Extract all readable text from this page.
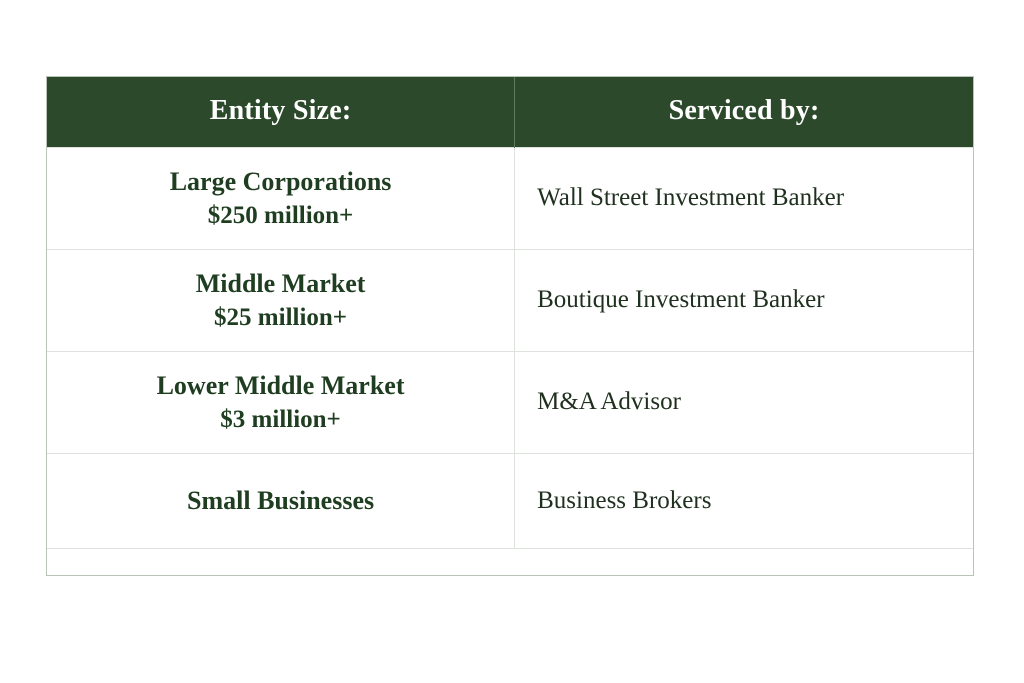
Entity Size:	Serviced by:
Large Corporations
$250 million+	Wall Street Investment Banker
Middle Market
$25 million+	Boutique Investment Banker
Lower Middle Market
$3 million+	M&A Advisor
Small Businesses	Business Brokers
